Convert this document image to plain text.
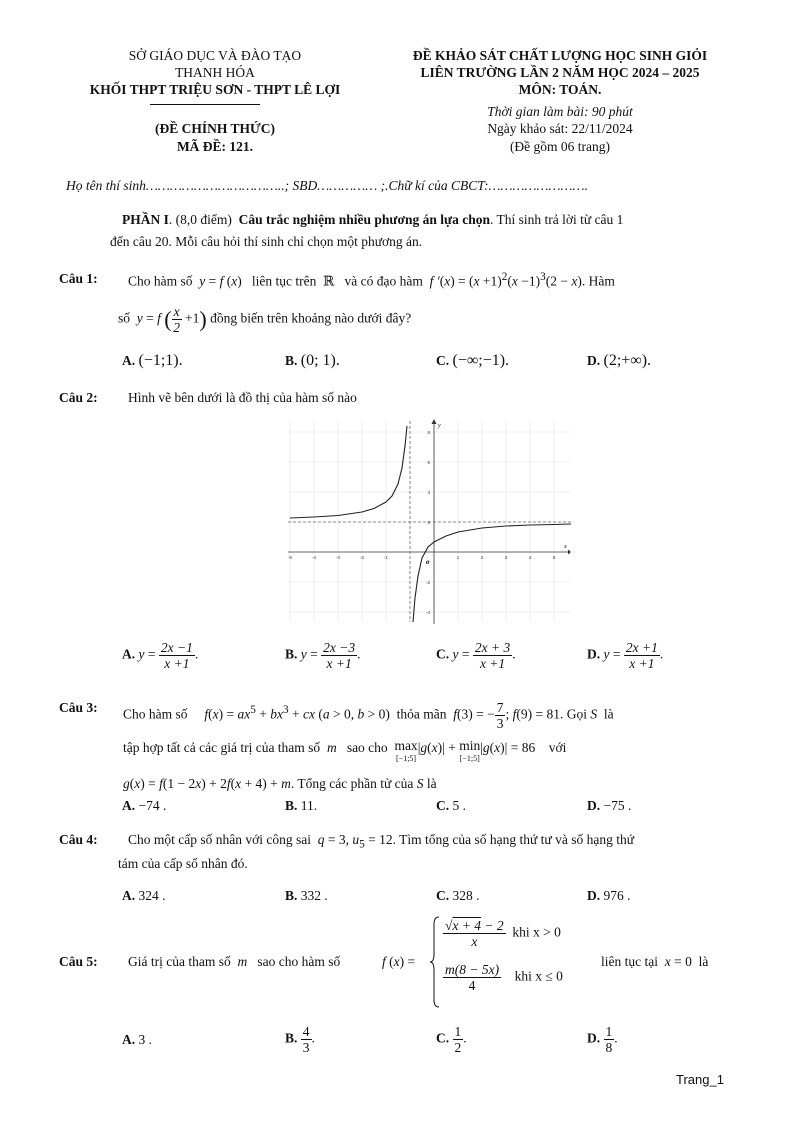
SỞ GIÁO DỤC VÀ ĐÀO TẠO
THANH HÓA
KHỐI THPT TRIỆU SƠN - THPT LÊ LỢI
(ĐỀ CHÍNH THỨC)
MÃ ĐỀ: 121.
ĐỀ KHẢO SÁT CHẤT LƯỢNG HỌC SINH GIỎI
LIÊN TRƯỜNG LẦN 2 NĂM HỌC 2024 – 2025
MÔN: TOÁN.
Thời gian làm bài: 90 phút
Ngày khảo sát: 22/11/2024
(Đề gồm 06 trang)
Họ tên thí sinh……………………………..; SBD…………… ;.Chữ kí của CBCT:…………………….
PHẦN I. (8,0 điểm) Câu trắc nghiệm nhiều phương án lựa chọn. Thí sinh trả lời từ câu 1
đến câu 20. Mỗi câu hỏi thí sinh chỉ chọn một phương án.
Câu 1: Cho hàm số y = f (x)   liên tục trên  ℝ   và có đạo hàm f $'(x) = (x +1)^2(x -1)^3(2 - x)$. Hàm
số y = f ( $\frac{x}{2} +1$) đồng biến trên khoảng nào dưới đây?
A. (−1;1).	B. (0; 1).	C. (−∞;−1).	D. (2;+∞).
Câu 2: Hình vẽ bên dưới là đồ thị của hàm số nào
-5	-4	-3	-2	-1	1	2	3	4	5
8
6
4
2
-2
-4
y
x
o
A. $y = \frac{2x -1}{x +1}$ .	B. $y = \frac{2x -3}{x +1}$ .	C. $y = \frac{2x + 3}{x +1}$ .	D. $y = \frac{2x +1}{x +1}$ .
Câu 3: Cho hàm số $f(x) = ax^5 + bx^3$ + cx (a > 0, b > 0)  thỏa mãn f(3) = − $\frac{7}{3}$ ; f(9) = 81. Gọi S là
tập hợp tất cả các giá trị của tham số m sao cho max
[−1;5]|g(x)| + min
[−1;5]|g(x)| = 86    với
g(x) = f(1 − 2x) + 2f(x + 4) + m. Tổng các phần tử của S là
A. −74 .	B. 11.	C. 5 .	D. −75 .
Câu 4: Cho một cấp số nhân với công sai q = 3, $u_5 = 12$. Tìm tổng của số hạng thứ tư và số hạng thứ
tám của cấp số nhân đó.
A. 324 .	B. 332 .	C. 328 .	D. 976 .
Câu 5: Giá trị của tham số m sao cho hàm số	f (x) =
$\frac{√x + 4 - 2}{x}$ khi x > 0
$\frac{m(8 - 5x)}{4}$ khi x ≤ 0
liên tục tại x = 0  là
A. 3 .	B. $\frac{4}{3}$ .	C. $\frac{1}{2}$ .	D. $\frac{1}{8}$ .
Trang_1
